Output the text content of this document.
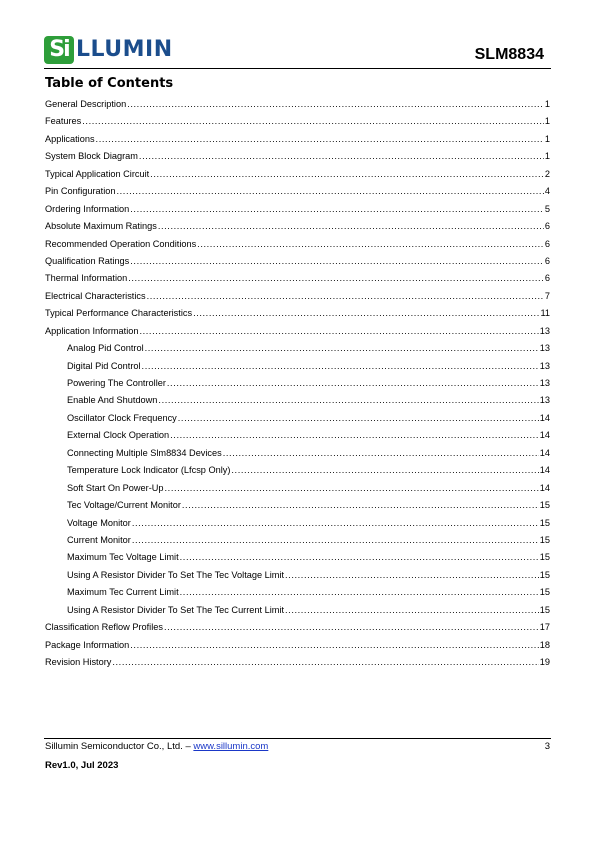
Si LLUMIN	SLM8834
Table of Contents
General Description .....	1
Features .....	1
Applications .....	1
System Block Diagram .....	1
Typical Application Circuit .....	2
Pin Configuration .....	4
Ordering Information .....	5
Absolute Maximum Ratings .....	6
Recommended Operation Conditions .....	6
Qualification Ratings .....	6
Thermal Information .....	6
Electrical Characteristics .....	7
Typical Performance Characteristics .....	11
Application Information .....	13
Analog Pid Control .....	13
Digital Pid Control .....	13
Powering The Controller .....	13
Enable And Shutdown .....	13
Oscillator Clock Frequency .....	14
External Clock Operation .....	14
Connecting Multiple Slm8834 Devices .....	14
Temperature Lock Indicator (Lfcsp Only) .....	14
Soft Start On Power-Up .....	14
Tec Voltage/Current Monitor .....	15
Voltage Monitor .....	15
Current Monitor .....	15
Maximum Tec Voltage Limit .....	15
Using A Resistor Divider To Set The Tec Voltage Limit .....	15
Maximum Tec Current Limit .....	15
Using A Resistor Divider To Set The Tec Current Limit .....	15
Classification Reflow Profiles .....	17
Package Information .....	18
Revision History .....	19
Sillumin Semiconductor Co., Ltd. – www.sillumin.com	3
Rev1.0, Jul 2023
